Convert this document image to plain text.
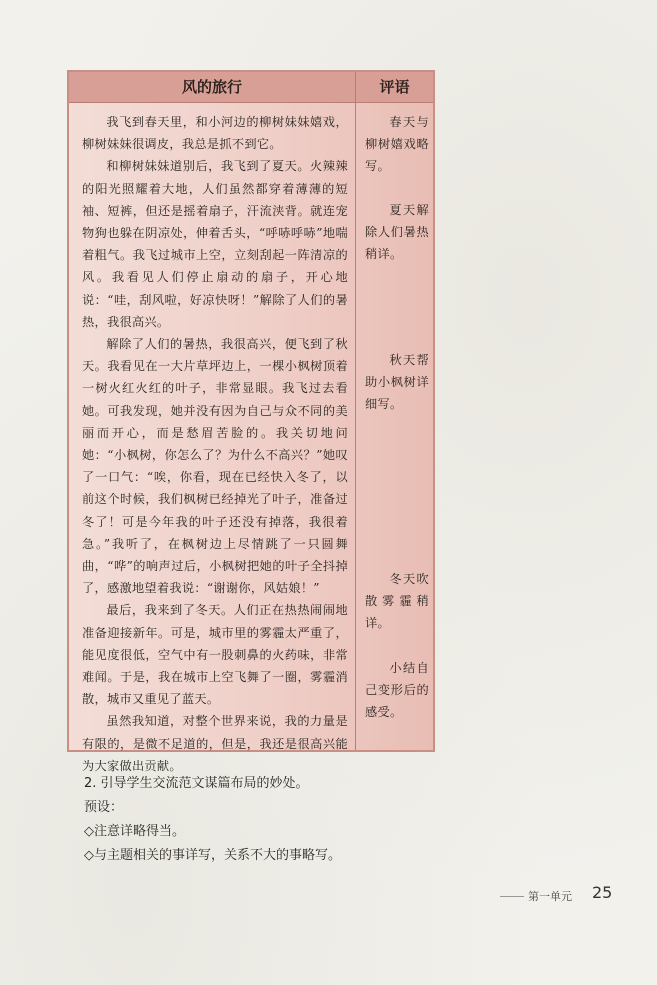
风的旅行	评语

我飞到春天里，和小河边的柳树妹妹嬉戏，柳树妹妹很调皮，我总是抓不到它。

和柳树妹妹道别后，我飞到了夏天。火辣辣的阳光照耀着大地，人们虽然都穿着薄薄的短袖、短裤，但还是摇着扇子，汗流浃背。就连宠物狗也躲在阴凉处，伸着舌头，“呼哧呼哧”地喘着粗气。我飞过城市上空，立刻刮起一阵清凉的风。我看见人们停止扇动的扇子，开心地说：“哇，刮风啦，好凉快呀！”解除了人们的暑热，我很高兴。

解除了人们的暑热，我很高兴，便飞到了秋天。我看见在一大片草坪边上，一棵小枫树顶着一树火红火红的叶子，非常显眼。我飞过去看她。可我发现，她并没有因为自己与众不同的美丽而开心，而是愁眉苦脸的。我关切地问她：“小枫树，你怎么了？为什么不高兴？”她叹了一口气：“唉，你看，现在已经快入冬了，以前这个时候，我们枫树已经掉光了叶子，准备过冬了！可是今年我的叶子还没有掉落，我很着急。”我听了，在枫树边上尽情跳了一只圆舞曲，“哗”的响声过后，小枫树把她的叶子全抖掉了，感激地望着我说：“谢谢你，风姑娘！”

最后，我来到了冬天。人们正在热热闹闹地准备迎接新年。可是，城市里的雾霾太严重了，能见度很低，空气中有一股刺鼻的火药味，非常难闻。于是，我在城市上空飞舞了一圈，雾霾消散，城市又重见了蓝天。

虽然我知道，对整个世界来说，我的力量是有限的，是微不足道的，但是，我还是很高兴能为大家做出贡献。

春天与柳树嬉戏略写。
夏天解除人们暑热稍详。
秋天帮助小枫树详细写。
冬天吹散雾霾稍详。
小结自己变形后的感受。
2. 引导学生交流范文谋篇布局的妙处。
预设：
◇注意详略得当。
◇与主题相关的事详写，关系不大的事略写。
第一单元 25
